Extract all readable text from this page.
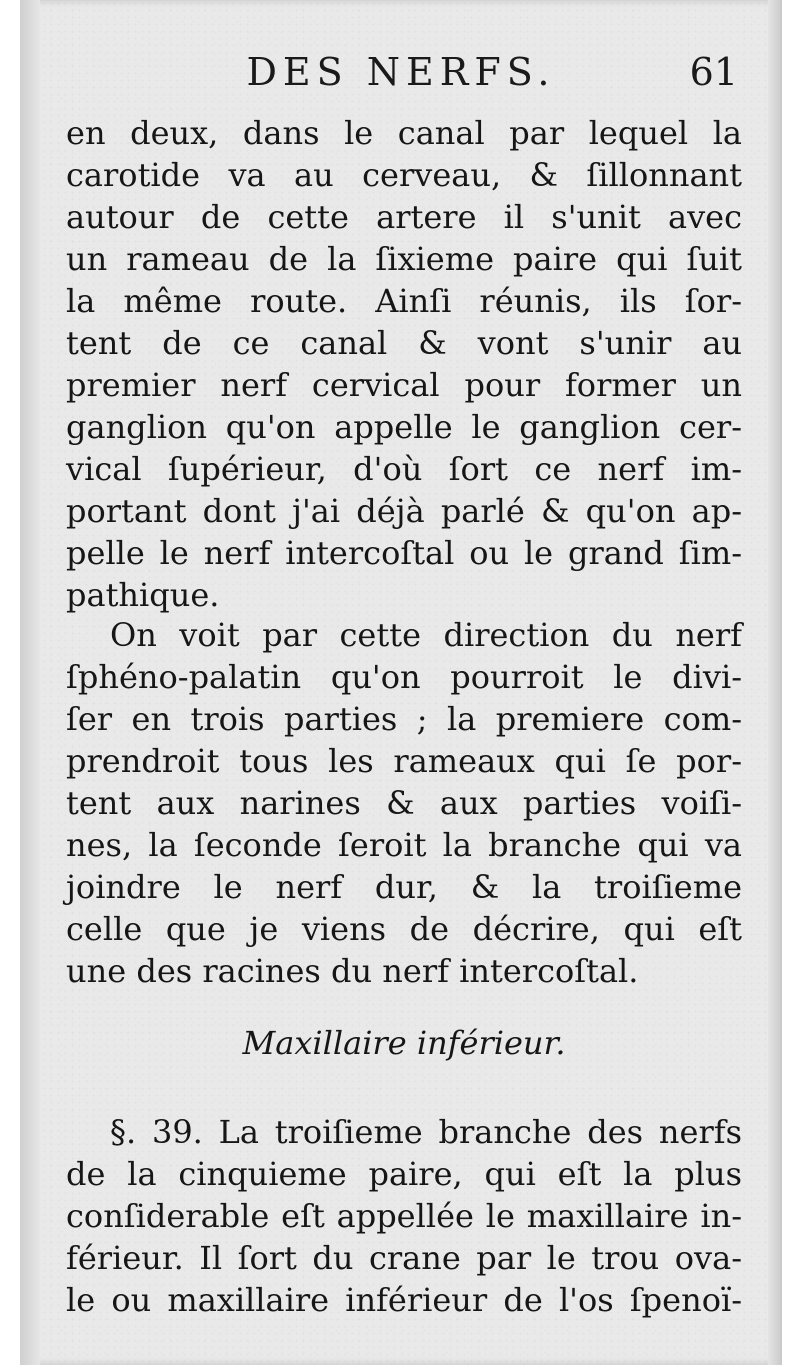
DES NERFS.	61
en deux, dans le canal par lequel la
carotide va au cerveau, & ſillonnant
autour de cette artere il s'unit avec
un rameau de la ſixieme paire qui ſuit
la même route. Ainſi réunis, ils ſor-
tent de ce canal & vont s'unir au
premier nerf cervical pour former un
ganglion qu'on appelle le ganglion cer-
vical ſupérieur, d'où ſort ce nerf im-
portant dont j'ai déjà parlé & qu'on ap-
pelle le nerf intercoſtal ou le grand ſim-
pathique.
On voit par cette direction du nerf
ſphéno-palatin qu'on pourroit le divi-
ſer en trois parties ; la premiere com-
prendroit tous les rameaux qui ſe por-
tent aux narines & aux parties voiſi-
nes, la ſeconde ſeroit la branche qui va
joindre le nerf dur, & la troiſieme
celle que je viens de décrire, qui eſt
une des racines du nerf intercoſtal.
Maxillaire inférieur.
§. 39. La troiſieme branche des nerfs
de la cinquieme paire, qui eſt la plus
conſiderable eſt appellée le maxillaire in-
férieur. Il ſort du crane par le trou ova-
le ou maxillaire inférieur de l'os ſpenoï-
